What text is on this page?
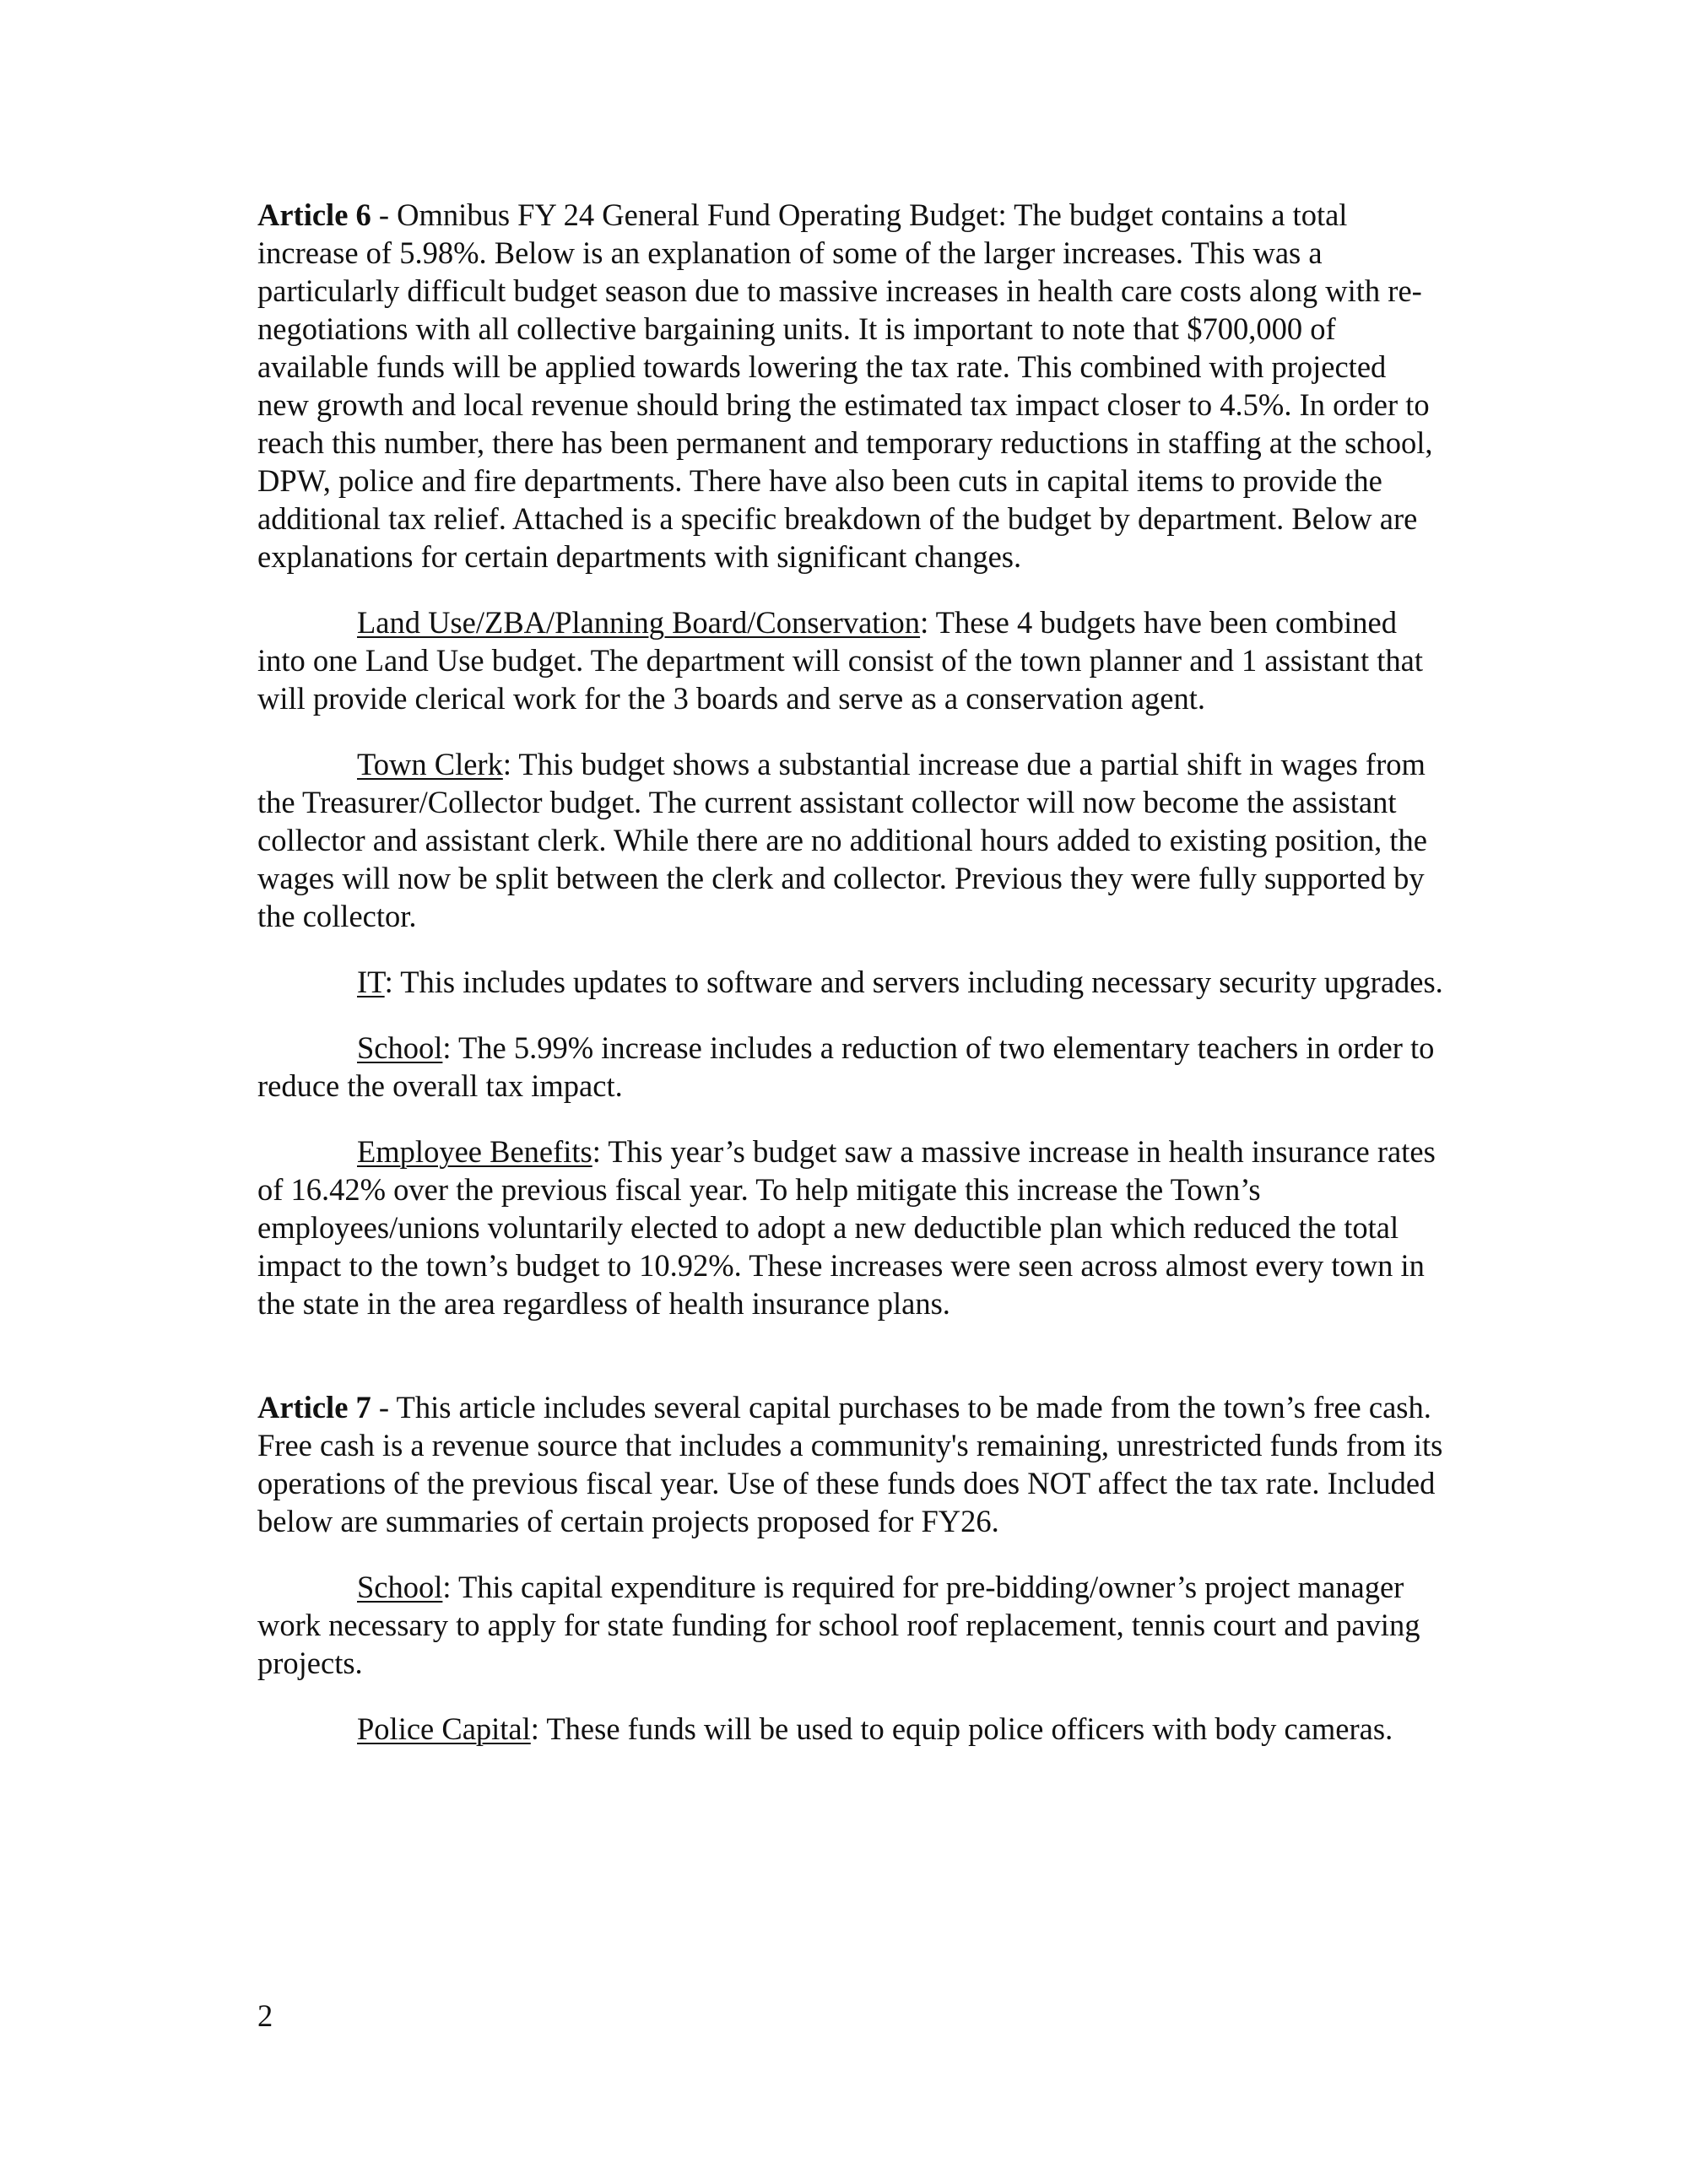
Article 6 - Omnibus FY 24 General Fund Operating Budget: The budget contains a total increase of 5.98%. Below is an explanation of some of the larger increases. This was a particularly difficult budget season due to massive increases in health care costs along with re-negotiations with all collective bargaining units. It is important to note that $700,000 of available funds will be applied towards lowering the tax rate. This combined with projected new growth and local revenue should bring the estimated tax impact closer to 4.5%. In order to reach this number, there has been permanent and temporary reductions in staffing at the school, DPW, police and fire departments. There have also been cuts in capital items to provide the additional tax relief. Attached is a specific breakdown of the budget by department. Below are explanations for certain departments with significant changes.

Land Use/ZBA/Planning Board/Conservation: These 4 budgets have been combined into one Land Use budget. The department will consist of the town planner and 1 assistant that will provide clerical work for the 3 boards and serve as a conservation agent.

Town Clerk: This budget shows a substantial increase due a partial shift in wages from the Treasurer/Collector budget. The current assistant collector will now become the assistant collector and assistant clerk. While there are no additional hours added to existing position, the wages will now be split between the clerk and collector. Previous they were fully supported by the collector.

IT: This includes updates to software and servers including necessary security upgrades.

School: The 5.99% increase includes a reduction of two elementary teachers in order to reduce the overall tax impact.

Employee Benefits: This year’s budget saw a massive increase in health insurance rates of 16.42% over the previous fiscal year. To help mitigate this increase the Town’s employees/unions voluntarily elected to adopt a new deductible plan which reduced the total impact to the town’s budget to 10.92%. These increases were seen across almost every town in the state in the area regardless of health insurance plans.

Article 7 - This article includes several capital purchases to be made from the town’s free cash. Free cash is a revenue source that includes a community's remaining, unrestricted funds from its operations of the previous fiscal year. Use of these funds does NOT affect the tax rate. Included below are summaries of certain projects proposed for FY26.

School: This capital expenditure is required for pre-bidding/owner’s project manager work necessary to apply for state funding for school roof replacement, tennis court and paving projects.

Police Capital: These funds will be used to equip police officers with body cameras.

2
